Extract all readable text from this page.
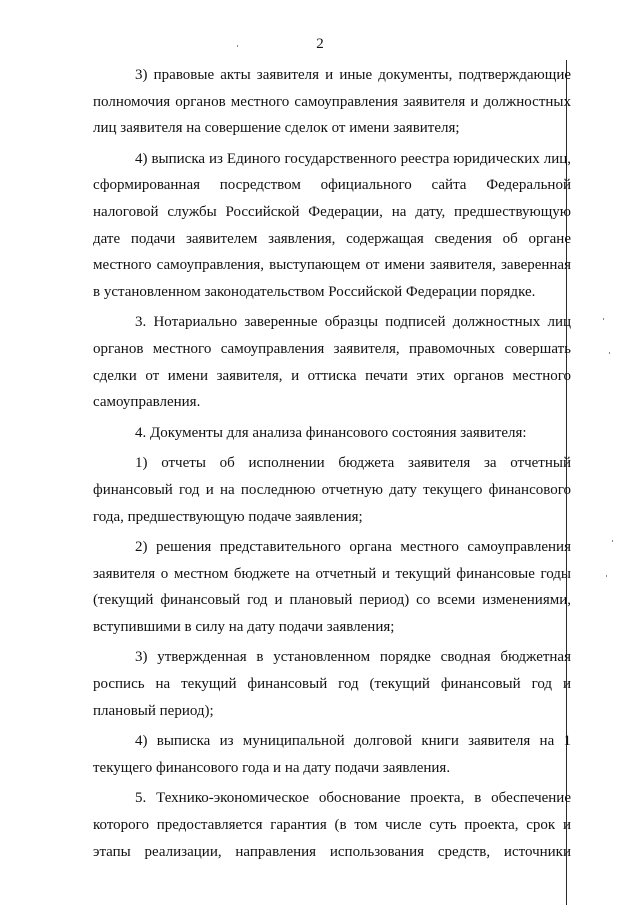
2
3) правовые акты заявителя и иные документы, подтверждающие
полномочия органов местного самоуправления заявителя и должностных
лиц заявителя на совершение сделок от имени заявителя;
4) выписка из Единого государственного реестра юридических лиц,
сформированная посредством официального сайта Федеральной
налоговой службы Российской Федерации, на дату, предшествующую
дате подачи заявителем заявления, содержащая сведения об органе
местного самоуправления, выступающем от имени заявителя, заверенная
в установленном законодательством Российской Федерации порядке.
3. Нотариально заверенные образцы подписей должностных лиц
органов местного самоуправления заявителя, правомочных совершать
сделки от имени заявителя, и оттиска печати этих органов местного
самоуправления.
4. Документы для анализа финансового состояния заявителя:
1) отчеты об исполнении бюджета заявителя за отчетный
финансовый год и на последнюю отчетную дату текущего финансового
года, предшествующую подаче заявления;
2) решения представительного органа местного самоуправления
заявителя о местном бюджете на отчетный и текущий финансовые годы
(текущий финансовый год и плановый период) со всеми изменениями,
вступившими в силу на дату подачи заявления;
3) утвержденная в установленном порядке сводная бюджетная
роспись на текущий финансовый год (текущий финансовый год и
плановый период);
4) выписка из муниципальной долговой книги заявителя на 1
текущего финансового года и на дату подачи заявления.
5. Технико-экономическое обоснование проекта, в обеспечение
которого предоставляется гарантия (в том числе суть проекта, срок и
этапы реализации, направления использования средств, источники
